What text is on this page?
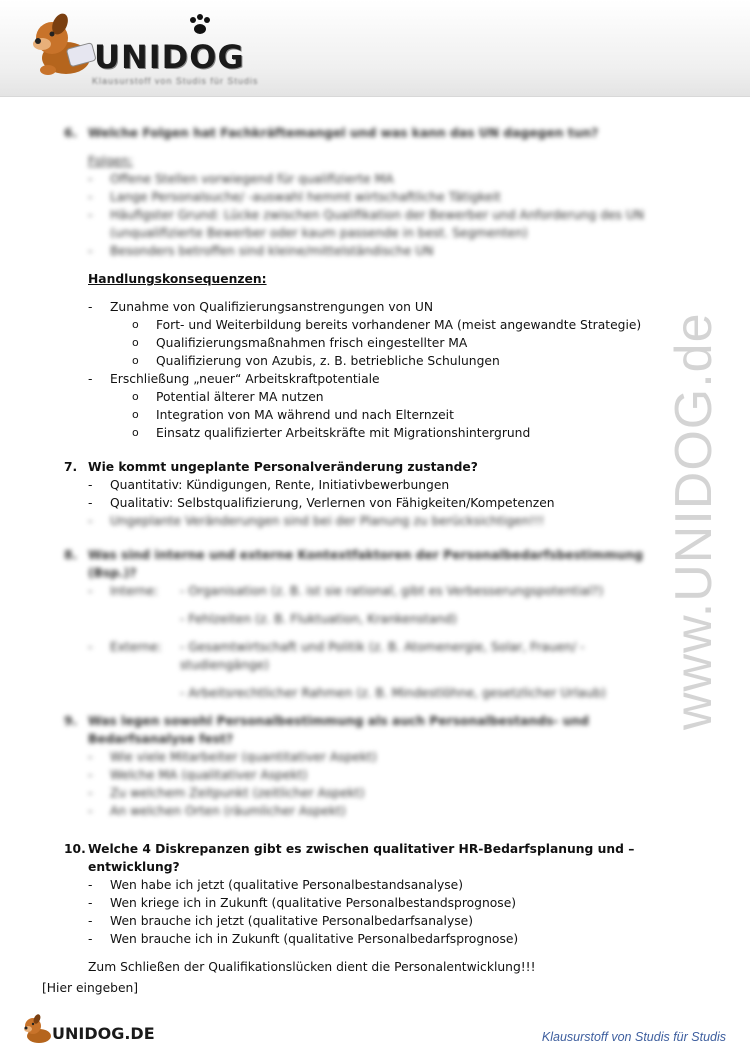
UNIDOG
Klausurstoff von Studis für Studis
www.UNIDOG.de
6. Welche Folgen hat Fachkräftemangel und was kann das UN dagegen tun?
Folgen:
-	Offene Stellen vorwiegend für qualifizierte MA
-	Lange Personalsuche/ -auswahl hemmt wirtschaftliche Tätigkeit
-	Häufigster Grund: Lücke zwischen Qualifikation der Bewerber und Anforderung des UN
(unqualifizierte Bewerber oder kaum passende in best. Segmenten)
-	Besonders betroffen sind kleine/mittelständische UN
Handlungskonsequenzen:
-	Zunahme von Qualifizierungsanstrengungen von UN
o	Fort- und Weiterbildung bereits vorhandener MA (meist angewandte Strategie)
o	Qualifizierungsmaßnahmen frisch eingestellter MA
o	Qualifizierung von Azubis, z. B. betriebliche Schulungen
-	Erschließung „neuer“ Arbeitskraftpotentiale
o	Potential älterer MA nutzen
o	Integration von MA während und nach Elternzeit
o	Einsatz qualifizierter Arbeitskräfte mit Migrationshintergrund
7. Wie kommt ungeplante Personalveränderung zustande?
-	Quantitativ: Kündigungen, Rente, Initiativbewerbungen
-	Qualitativ: Selbstqualifizierung, Verlernen von Fähigkeiten/Kompetenzen
-	Ungeplante Veränderungen sind bei der Planung zu berücksichtigen!!!
8. Was sind interne und externe Kontextfaktoren der Personalbedarfsbestimmung (Bsp.)?
-	Interne:	- Organisation (z. B. ist sie rational, gibt es Verbesserungspotential?)
- Fehlzeiten (z. B. Fluktuation, Krankenstand)
-	Externe:	- Gesamtwirtschaft und Politik (z. B. Atomenergie, Solar, Frauen/ -studiengänge)
- Arbeitsrechtlicher Rahmen (z. B. Mindestlöhne, gesetzlicher Urlaub)
9. Was legen sowohl Personalbestimmung als auch Personalbestands- und Bedarfsanalyse fest?
-	Wie viele Mitarbeiter (quantitativer Aspekt)
-	Welche MA (qualitativer Aspekt)
-	Zu welchem Zeitpunkt (zeitlicher Aspekt)
-	An welchen Orten (räumlicher Aspekt)
10. Welche 4 Diskrepanzen gibt es zwischen qualitativer HR-Bedarfsplanung und –entwicklung?
-	Wen habe ich jetzt (qualitative Personalbestandsanalyse)
-	Wen kriege ich in Zukunft (qualitative Personalbestandsprognose)
-	Wen brauche ich jetzt (qualitative Personalbedarfsanalyse)
-	Wen brauche ich in Zukunft (qualitative Personalbedarfsprognose)
Zum Schließen der Qualifikationslücken dient die Personalentwicklung!!!
[Hier eingeben]
UNIDOG.DE	Klausurstoff von Studis für Studis
